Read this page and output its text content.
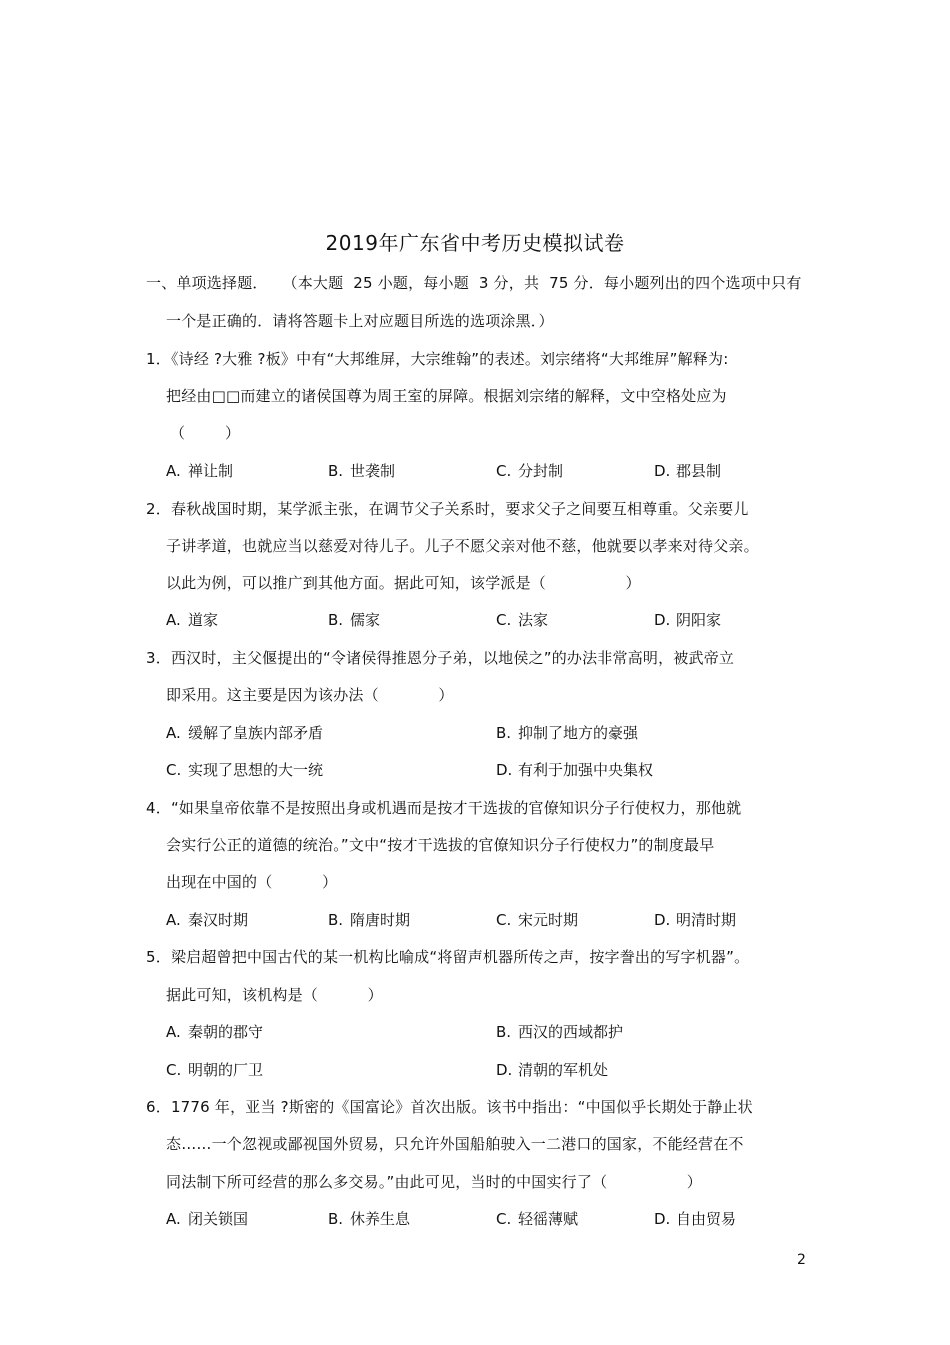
2019年广东省中考历史模拟试卷
一、单项选择题．   （本大题  25 小题，每小题  3 分，共  75 分．每小题列出的四个选项中只有
一个是正确的．请将答题卡上对应题目所选的选项涂黑．）
1．《诗经 ?大雅 ?板》中有“大邦维屏，大宗维翰”的表述。刘宗绪将“大邦维屏”解释为:
把经由□□而建立的诸侯国尊为周王室的屏障。根据刘宗绪的解释，文中空格处应为
（        ）
A. 禅让制	B. 世袭制	C. 分封制	D. 郡县制
2．春秋战国时期，某学派主张，在调节父子关系时，要求父子之间要互相尊重。父亲要儿
子讲孝道，也就应当以慈爱对待儿子。儿子不愿父亲对他不慈，他就要以孝来对待父亲。
以此为例，可以推广到其他方面。据此可知，该学派是（                ）
A. 道家	B. 儒家	C. 法家	D. 阴阳家
3．西汉时，主父偃提出的“令诸侯得推恩分子弟，以地侯之”的办法非常高明，被武帝立
即采用。这主要是因为该办法（            ）
A. 缓解了皇族内部矛盾	B. 抑制了地方的豪强
C. 实现了思想的大一统	D. 有利于加强中央集权
4．“如果皇帝依靠不是按照出身或机遇而是按才干选拔的官僚知识分子行使权力，那他就
会实行公正的道德的统治。”文中“按才干选拔的官僚知识分子行使权力”的制度最早
出现在中国的（          ）
A. 秦汉时期	B. 隋唐时期	C. 宋元时期	D. 明清时期
5．梁启超曾把中国古代的某一机构比喻成“将留声机器所传之声，按字誊出的写字机器”。
据此可知，该机构是（          ）
A. 秦朝的郡守	B. 西汉的西域都护
C. 明朝的厂卫	D. 清朝的军机处
6．1776 年，亚当 ?斯密的《国富论》首次出版。该书中指出：“中国似乎长期处于静止状
态……一个忽视或鄙视国外贸易，只允许外国船舶驶入一二港口的国家，不能经营在不
同法制下所可经营的那么多交易。”由此可见，当时的中国实行了（                ）
A. 闭关锁国	B. 休养生息	C. 轻徭薄赋	D. 自由贸易
2
